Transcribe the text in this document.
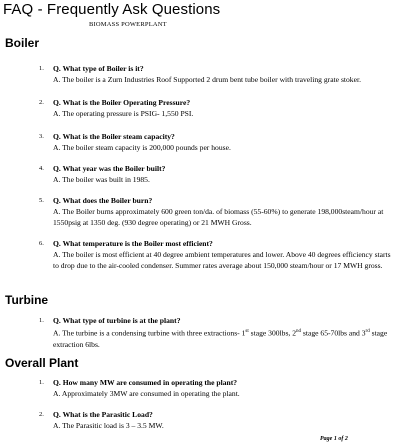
FAQ - Frequently Ask Questions
BIOMASS POWERPLANT
Boiler
1. Q. What type of Boiler is it?
A. The boiler is a Zurn Industries Roof Supported 2 drum bent tube boiler with traveling grate stoker.
2. Q. What is the Boiler Operating Pressure?
A. The operating pressure is PSIG- 1,550 PSI.
3. Q. What is the Boiler steam capacity?
A. The boiler steam capacity is 200,000 pounds per house.
4. Q. What year was the Boiler built?
A. The boiler was built in 1985.
5. Q. What does the Boiler burn?
A. The Boiler burns approximately 600 green ton/da. of biomass (55-60%) to generate 198,000steam/hour at 1550psig at 1350 deg. (930 degree operating) or 21 MWH Gross.
6. Q. What temperature is the Boiler most efficient?
A. The boiler is most efficient at 40 degree ambient temperatures and lower. Above 40 degrees efficiency starts to drop due to the air-cooled condenser. Summer rates average about 150,000 steam/hour or 17 MWH gross.
Turbine
1. Q. What type of turbine is at the plant?
A. The turbine is a condensing turbine with three extractions- 1st stage 300lbs, 2nd stage 65-70lbs and 3rd stage extraction 6lbs.
Overall Plant
1. Q. How many MW are consumed in operating the plant?
A. Approximately 3MW are consumed in operating the plant.
2. Q. What is the Parasitic Load?
A. The Parasitic load is 3 – 3.5 MW.
Page 1 of 2
